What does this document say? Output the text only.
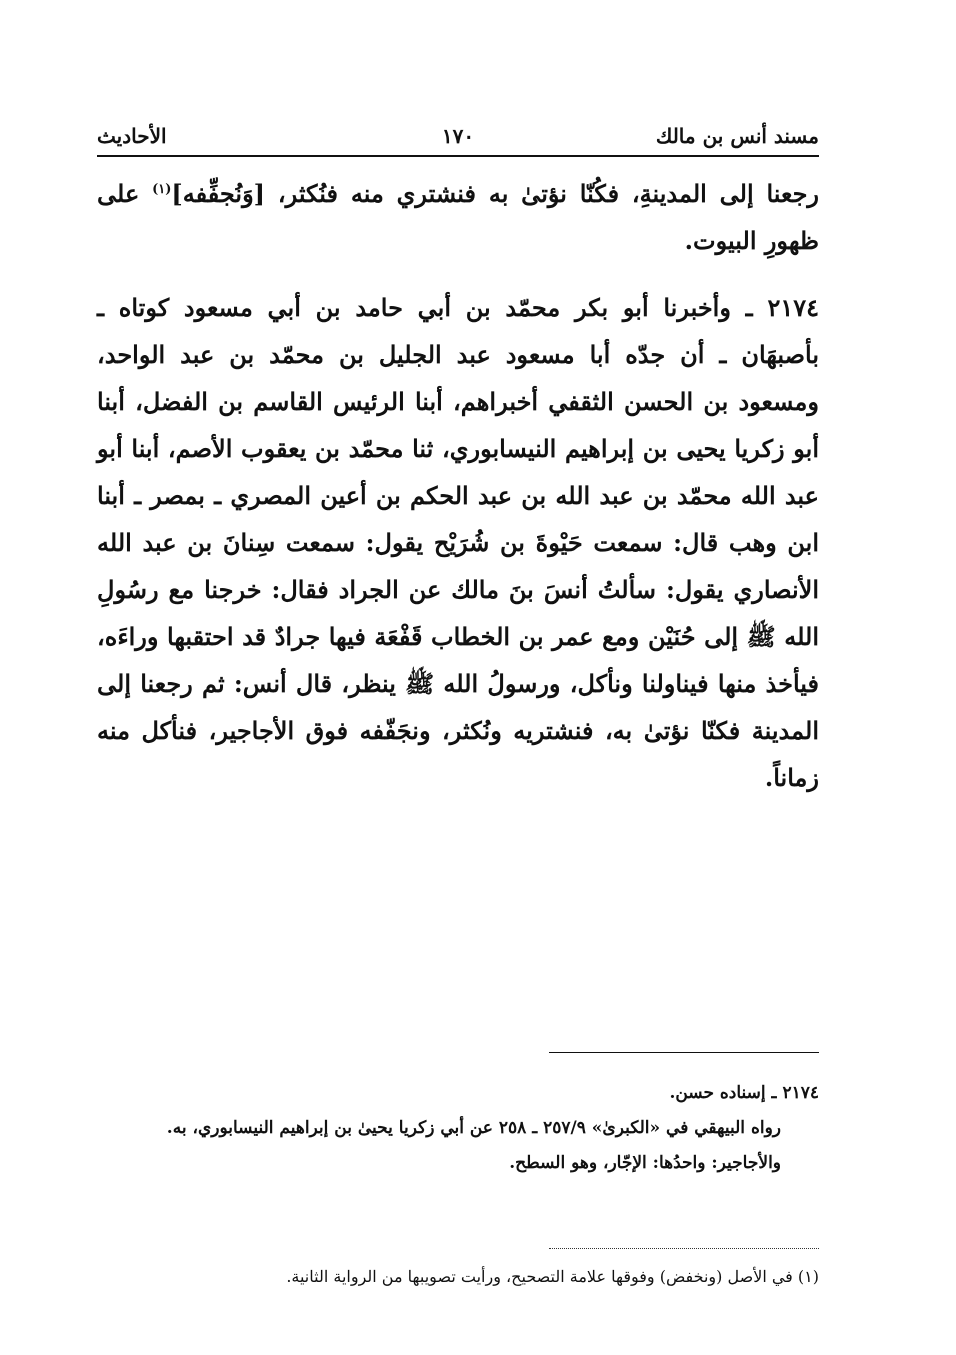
مسند أنس بن مالك
١٧٠
الأحاديث

رجعنا إلى المدينةِ، فكُنّا نؤتىٰ به فنشتري منه فنُكثر، [وَنُجفِّفه]$^{(١)}$ على ظهورِ البيوت.

٢١٧٤ ـ وأخبرنا أبو بكر محمّد بن أبي حامد بن أبي مسعود كوتاه ـ بأصبهَان ـ أن جدّه أبا مسعود عبد الجليل بن محمّد بن عبد الواحد، ومسعود بن الحسن الثقفي أخبراهم، أبنا الرئيس القاسم بن الفضل، أبنا أبو زكريا يحيى بن إبراهيم النيسابوري، ثنا محمّد بن يعقوب الأصم، أبنا أبو عبد الله محمّد بن عبد الله بن عبد الحكم بن أعين المصري ـ بمصر ـ أبنا ابن وهب قال: سمعت حَيْوةَ بن شُرَيْح يقول: سمعت سِنانَ بن عبد الله الأنصاري يقول: سألتُ أنسَ بنَ مالك عن الجراد فقال: خرجنا مع رسُولِ الله ﷺ إلى حُنَيْن ومع عمر بن الخطاب قَفْعَة فيها جرادٌ قد احتقبها وراءَه، فيأخذ منها فيناولنا ونأكل، ورسولُ الله ﷺ ينظر، قال أنس: ثم رجعنا إلى المدينة فكنّا نؤتىٰ به، فنشتريه ونُكثر، ونجَفّفه فوق الأجاجير، فنأكل منه زماناً.

٢١٧٤ ـ إسناده حسن.

رواه البيهقي في «الكبرىٰ» ٢٥٧/٩ ـ ٢٥٨ عن أبي زكريا يحيىٰ بن إبراهيم النيسابوري، به.

والأجاجير: واحدُها: الإجّار، وهو السطح.

(١) في الأصل (ونخفض) وفوقها علامة التصحيح، ورأيت تصويبها من الرواية الثانية.
